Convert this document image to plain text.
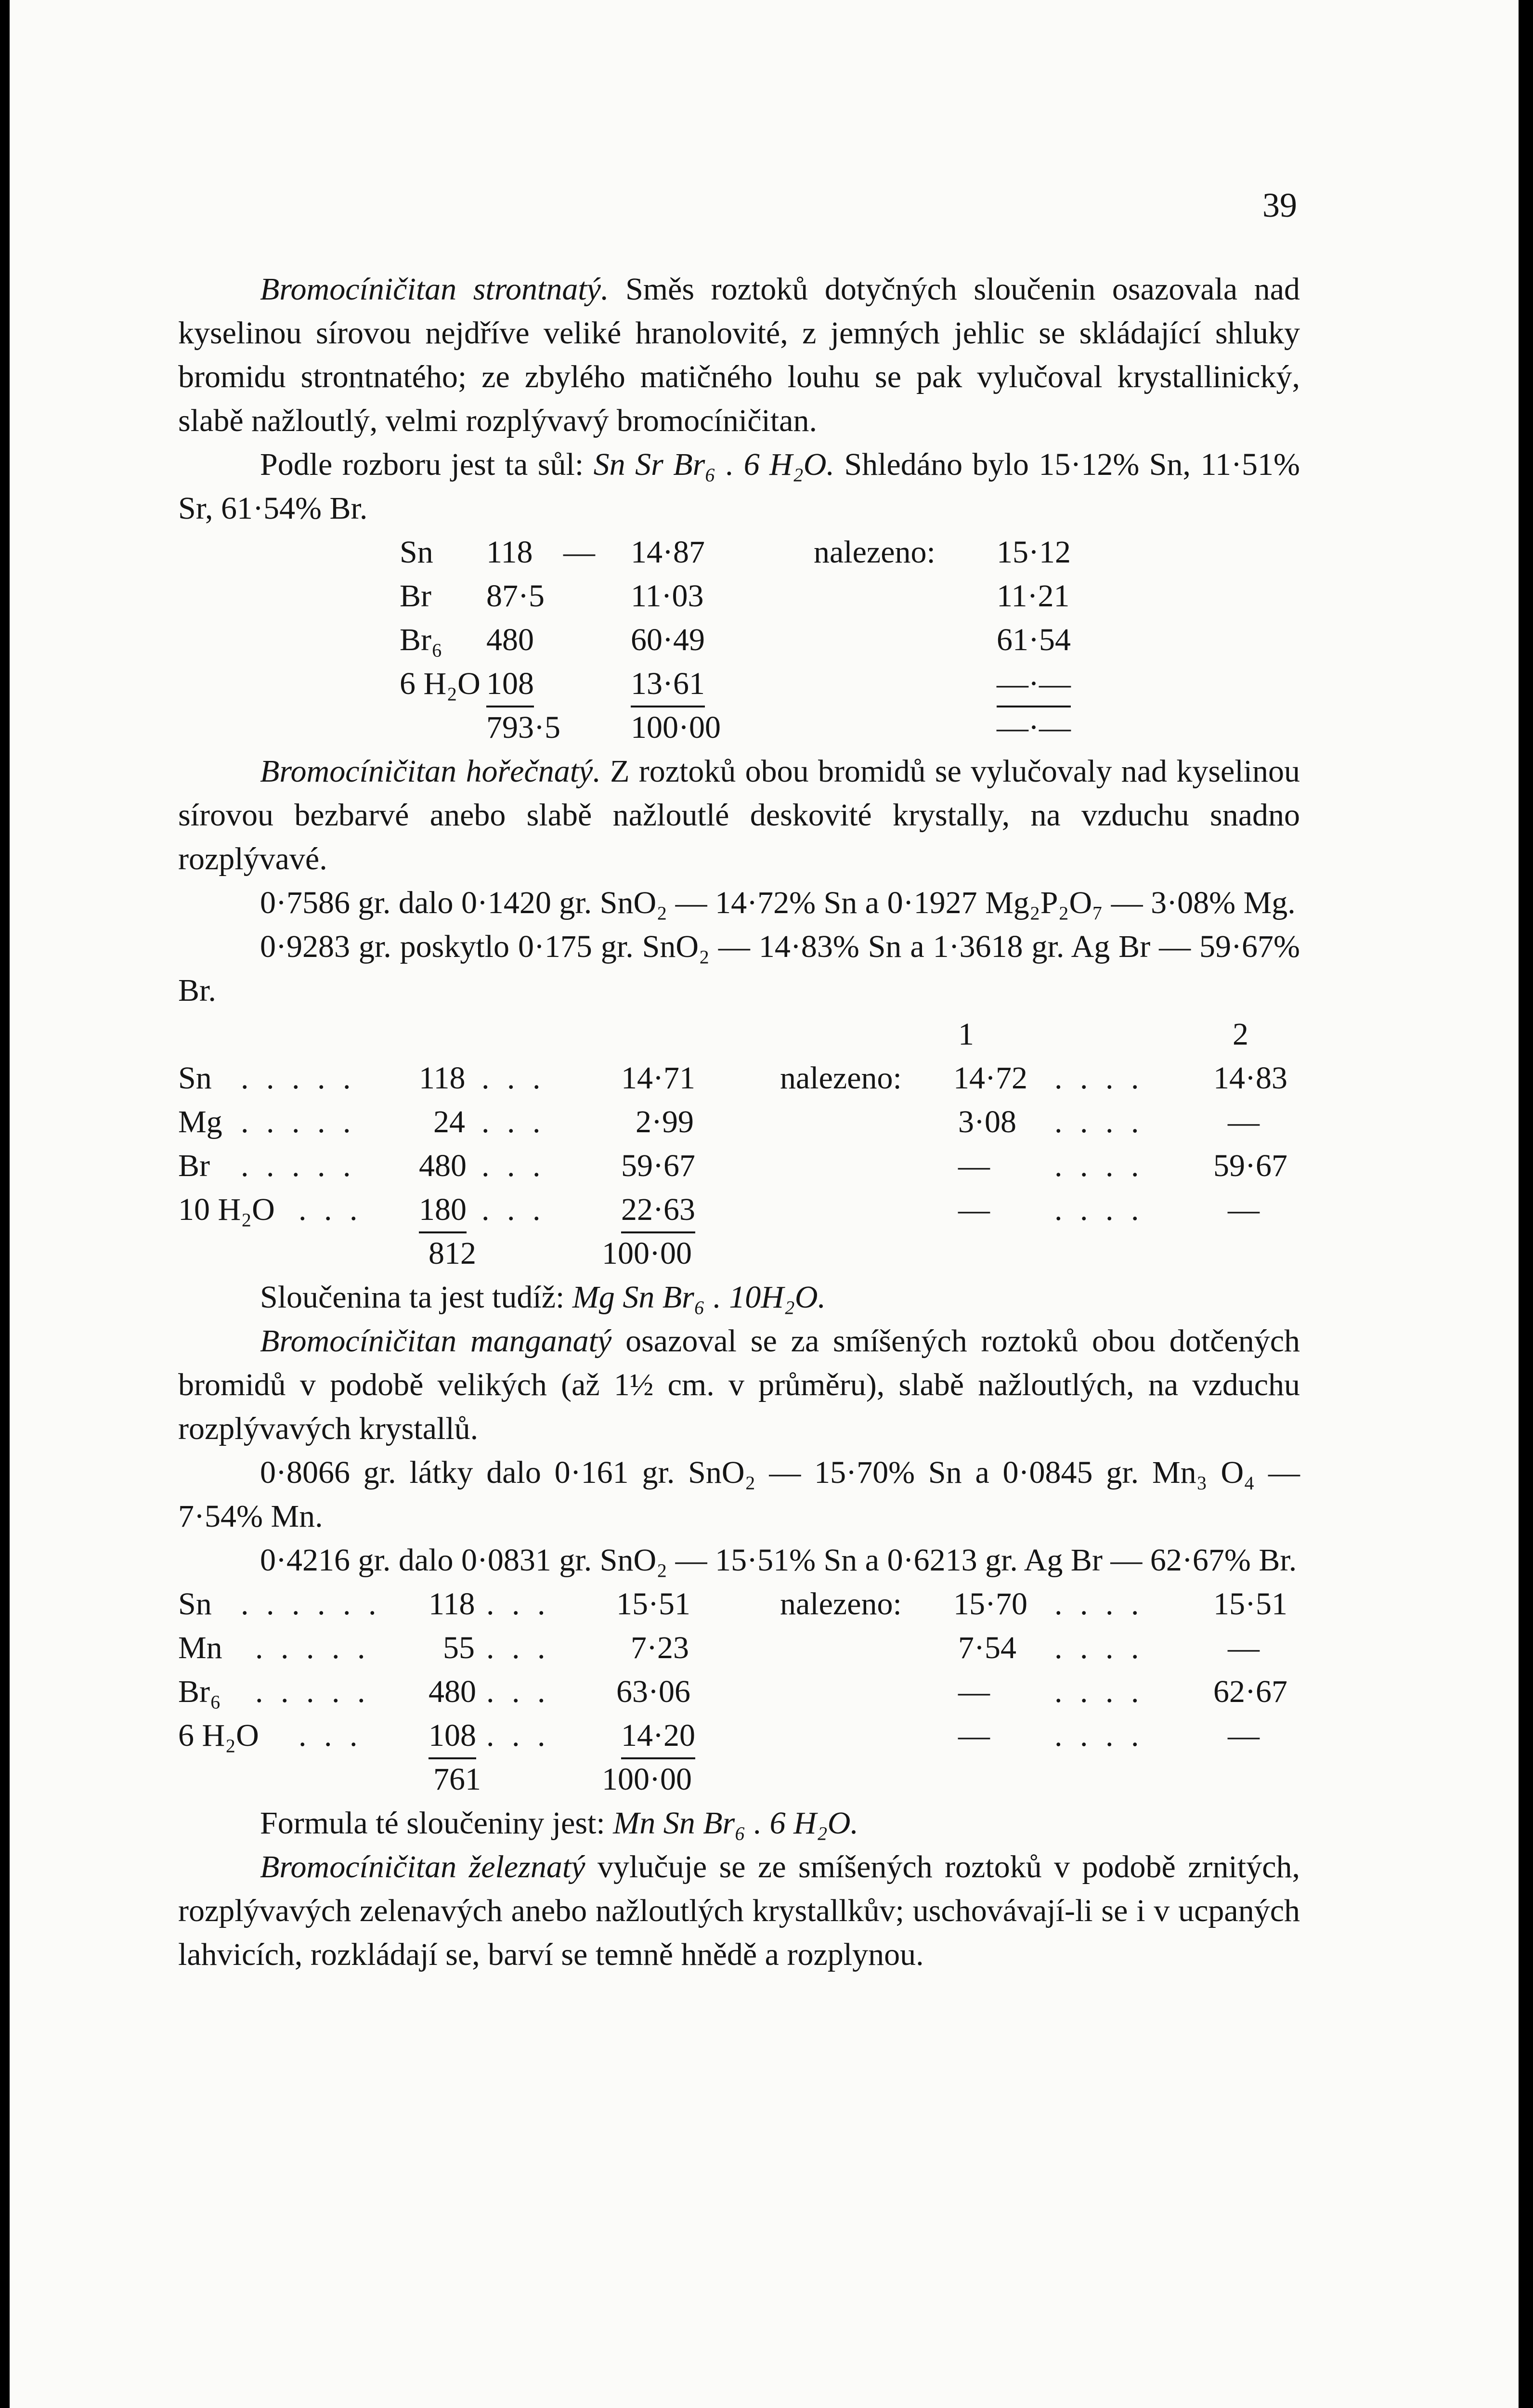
39

Bromocíničitan strontnatý. Směs roztoků dotyčných sloučenin osazovala nad kyselinou sírovou nejdříve veliké hranolovité, z jemných jehlic se skládající shluky bromidu strontnatého; ze zbylého matičného louhu se pak vylučoval krystallinický, slabě nažloutlý, velmi rozplývavý bromocíničitan.

Podle rozboru jest ta sůl: Sn Sr Br₆ . 6 H₂O. Shledáno bylo 15·12% Sn, 11·51% Sr, 61·54% Br.

Sn 118 — 14·87	nalezeno: 15·12
Br 87·5	11·03	11·21
Br₆ 480	60·49	61·54
6 H₂O 108	13·61	—·—
793·5 100·00	—·—

Bromocíničitan hořečnatý. Z roztoků obou bromidů se vylučovaly nad kyselinou sírovou bezbarvé anebo slabě nažloutlé deskovité krystally, na vzduchu snadno rozplývavé.

0·7586 gr. dalo 0·1420 gr. SnO₂ — 14·72% Sn a 0·1927 Mg₂P₂O₇ — 3·08% Mg.

0·9283 gr. poskytlo 0·175 gr. SnO₂ — 14·83% Sn a 1·3618 gr. Ag Br — 59·67% Br.

1	2
Sn . . . . . 118 . . . 14·71	nalezeno: 14·72 . . . . 14·83
Mg . . . . . 24 . . .	2·99	3·08 . . . .	—
Br . . . . . 480 . . . 59·67	— . . . . 59·67
10 H₂O . . . 180 . . . 22·63	— . . . .	—
812	100·00

Sloučenina ta jest tudíž: Mg Sn Br₆ . 10H₂O.

Bromocíničitan manganatý osazoval se za smíšených roztoků obou dotčených bromidů v podobě velikých (až 1½ cm. v průměru), slabě nažloutlých, na vzduchu rozplývavých krystallů.

0·8066 gr. látky dalo 0·161 gr. SnO₂ — 15·70% Sn a 0·0845 gr. Mn₃ O₄ — 7·54% Mn.

0·4216 gr. dalo 0·0831 gr. SnO₂ — 15·51% Sn a 0·6213 gr. Ag Br — 62·67% Br.

Sn . . . . . . 118 . . . 15·51	nalezeno: 15·70 . . . . 15·51
Mn . . . . . 55 . . .	7·23	7·54 . . . .	—
Br₆ . . . . . 480 . . . 63·06	— . . . . 62·67
6 H₂O . . . 108 . . . 14·20	— . . . .	—
761	100·00

Formula té sloučeniny jest: Mn Sn Br₆ . 6 H₂O.

Bromocíničitan železnatý vylučuje se ze smíšených roztoků v podobě zrnitých, rozplývavých zelenavých anebo nažloutlých krystallkův; uschovávají-li se i v ucpaných lahvicích, rozkládají se, barví se temně hnědě a rozplynou.
